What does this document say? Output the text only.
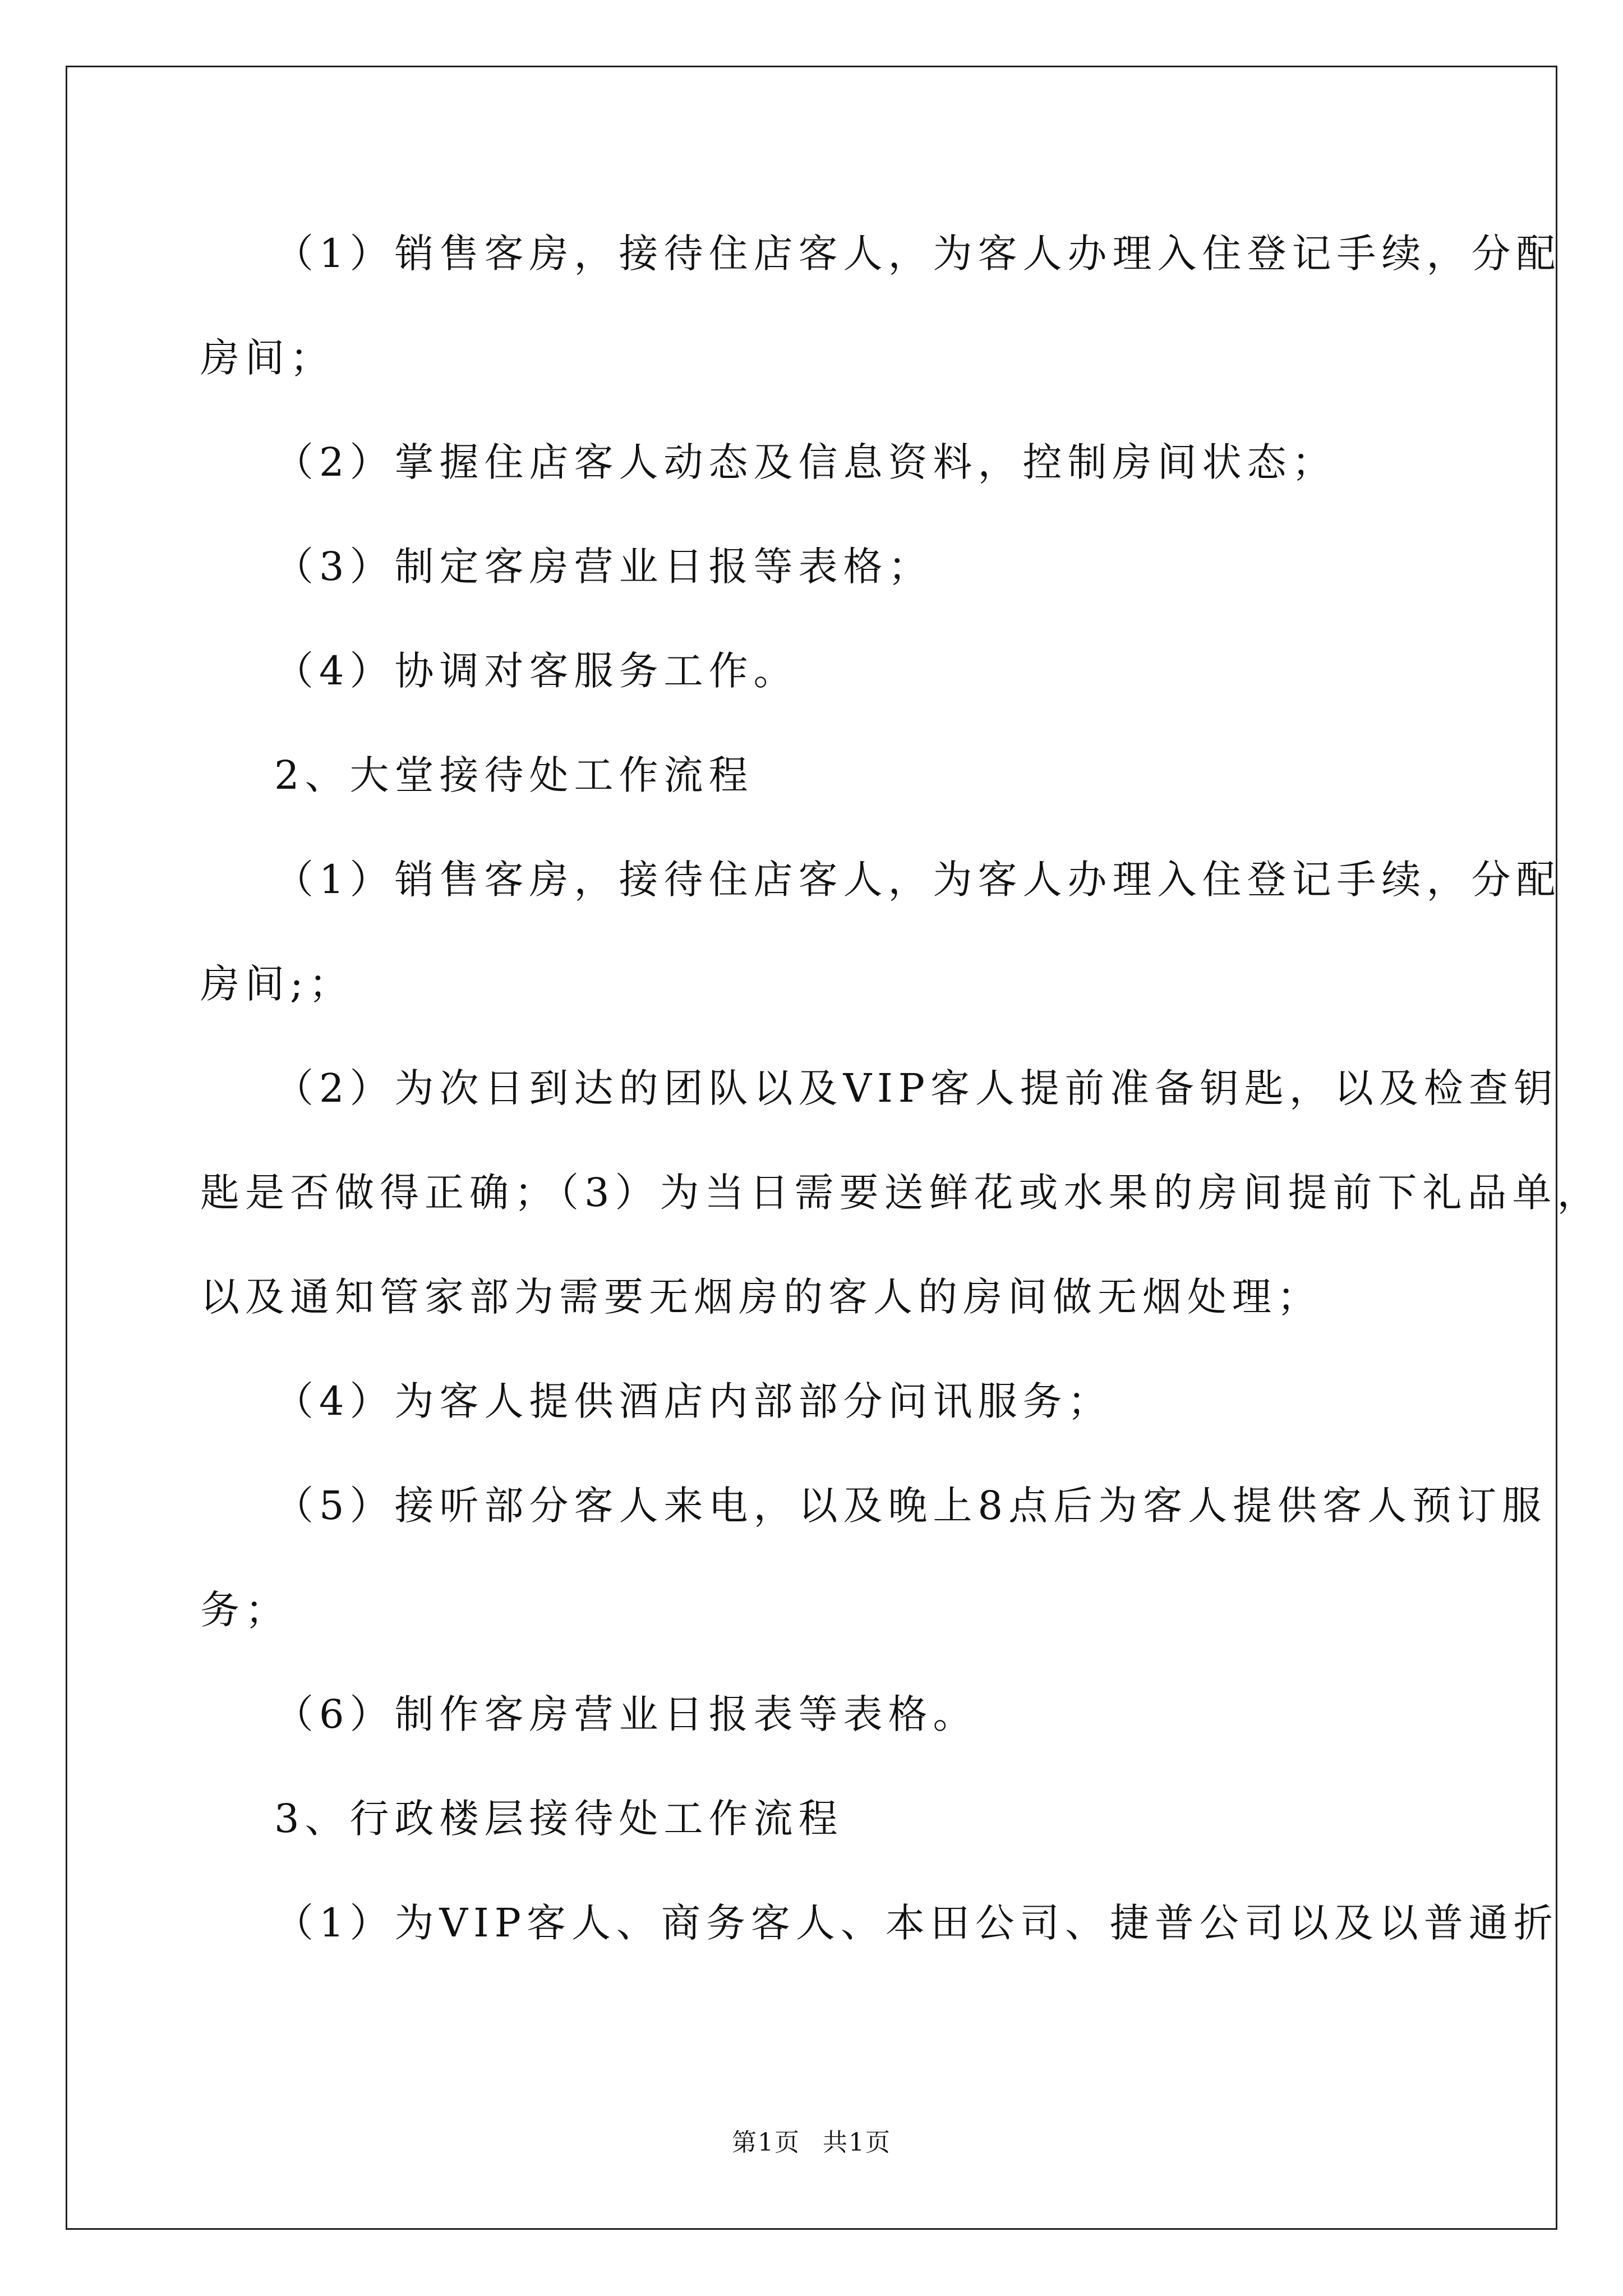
（1）销售客房，接待住店客人，为客人办理入住登记手续，分配
房间；
（2）掌握住店客人动态及信息资料，控制房间状态；
（3）制定客房营业日报等表格；
（4）协调对客服务工作。
2、大堂接待处工作流程
（1）销售客房，接待住店客人，为客人办理入住登记手续，分配
房间;；
（2）为次日到达的团队以及VIP客人提前准备钥匙，以及检查钥
匙是否做得正确；（3）为当日需要送鲜花或水果的房间提前下礼品单，
以及通知管家部为需要无烟房的客人的房间做无烟处理；
（4）为客人提供酒店内部部分问讯服务；
（5）接听部分客人来电，以及晚上8点后为客人提供客人预订服
务；
（6）制作客房营业日报表等表格。
3、行政楼层接待处工作流程
（1）为VIP客人、商务客人、本田公司、捷普公司以及以普通折
第1页 共1页
